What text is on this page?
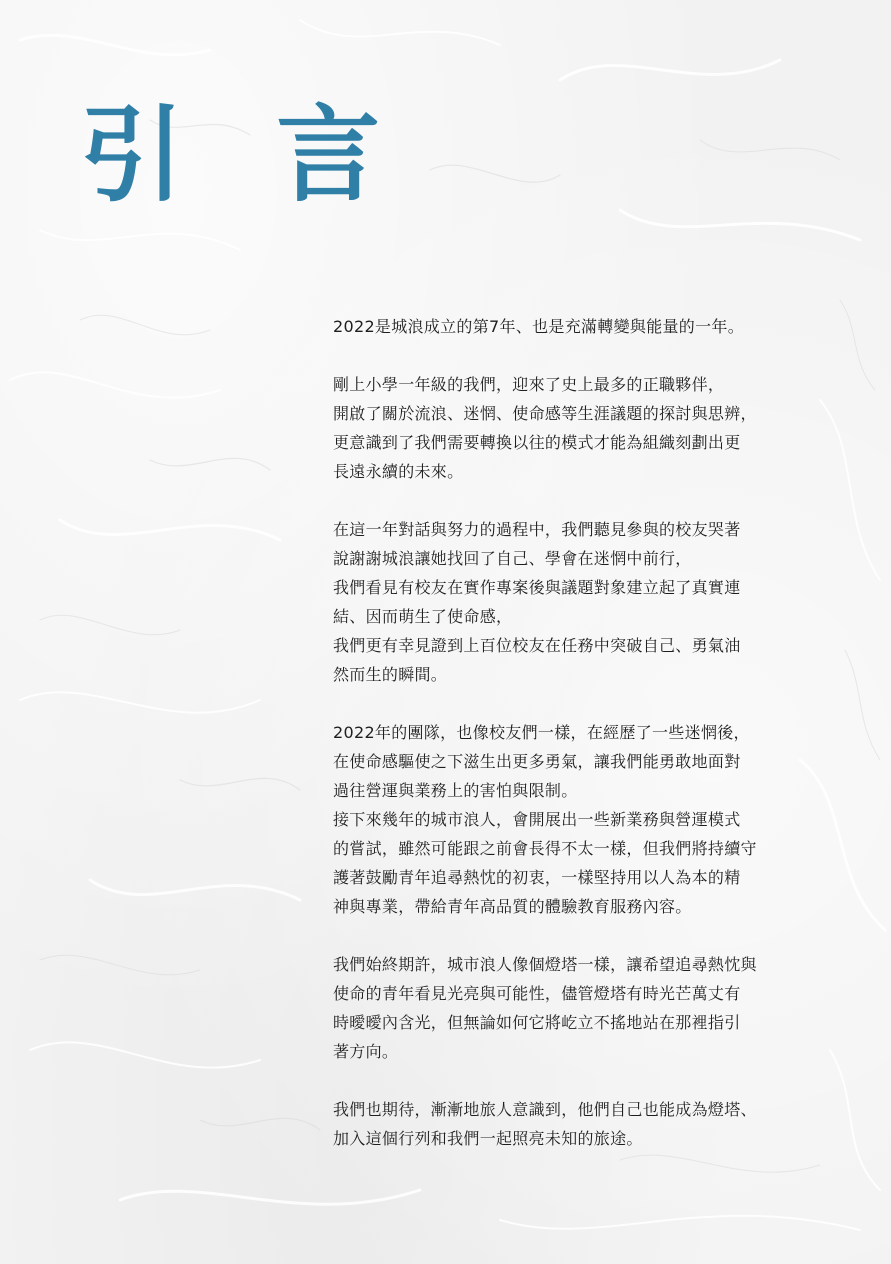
引 言

2022是城浪成立的第7年、也是充滿轉變與能量的一年。

剛上小學一年級的我們，迎來了史上最多的正職夥伴，
開啟了關於流浪、迷惘、使命感等生涯議題的探討與思辨，
更意識到了我們需要轉換以往的模式才能為組織刻劃出更
長遠永續的未來。

在這一年對話與努力的過程中，我們聽見參與的校友哭著
說謝謝城浪讓她找回了自己、學會在迷惘中前行，
我們看見有校友在實作專案後與議題對象建立起了真實連
結、因而萌生了使命感，
我們更有幸見證到上百位校友在任務中突破自己、勇氣油
然而生的瞬間。

2022年的團隊，也像校友們一樣，在經歷了一些迷惘後，
在使命感驅使之下滋生出更多勇氣，讓我們能勇敢地面對
過往營運與業務上的害怕與限制。
接下來幾年的城市浪人，會開展出一些新業務與營運模式
的嘗試，雖然可能跟之前會長得不太一樣，但我們將持續守
護著鼓勵青年追尋熱忱的初衷，一樣堅持用以人為本的精
神與專業，帶給青年高品質的體驗教育服務內容。

我們始終期許，城市浪人像個燈塔一樣，讓希望追尋熱忱與
使命的青年看見光亮與可能性，儘管燈塔有時光芒萬丈有
時曖曖內含光，但無論如何它將屹立不搖地站在那裡指引
著方向。

我們也期待，漸漸地旅人意識到，他們自己也能成為燈塔、
加入這個行列和我們一起照亮未知的旅途。
